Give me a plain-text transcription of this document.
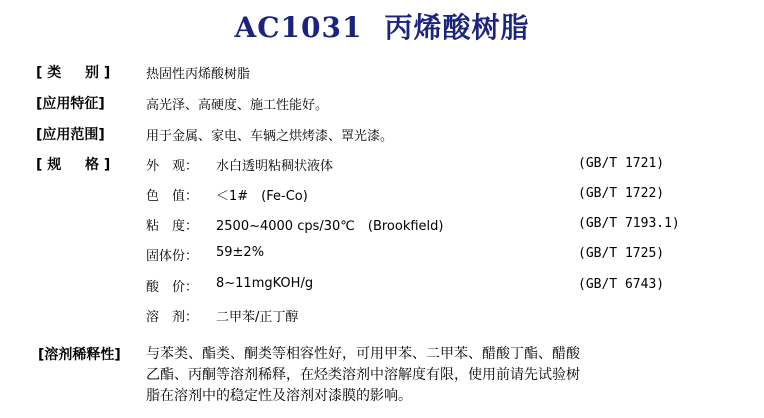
AC1031 丙烯酸树脂
[ 类 　 别 ]	热固性丙烯酸树脂
[应用特征]	高光泽、高硬度、施工性能好。
[应用范围]	用于金属、家电、车辆之烘烤漆、罩光漆。
[ 规 　 格 ]	外　观： 水白透明粘稠状液体	(GB/T 1721)
色　值： ＜1#　(Fe-Co)	(GB/T 1722)
粘　度： 2500~4000 cps/30℃　(Brookfield)	(GB/T 7193.1)
固体份： 59±2%	(GB/T 1725)
酸　价： 8~11mgKOH/g	(GB/T 6743)
溶　剂： 二甲苯/正丁醇
[溶剂稀释性] 与苯类、酯类、酮类等相容性好，可用甲苯、二甲苯、醋酸丁酯、醋酸
乙酯、丙酮等溶剂稀释，在烃类溶剂中溶解度有限，使用前请先试验树
脂在溶剂中的稳定性及溶剂对漆膜的影响。
